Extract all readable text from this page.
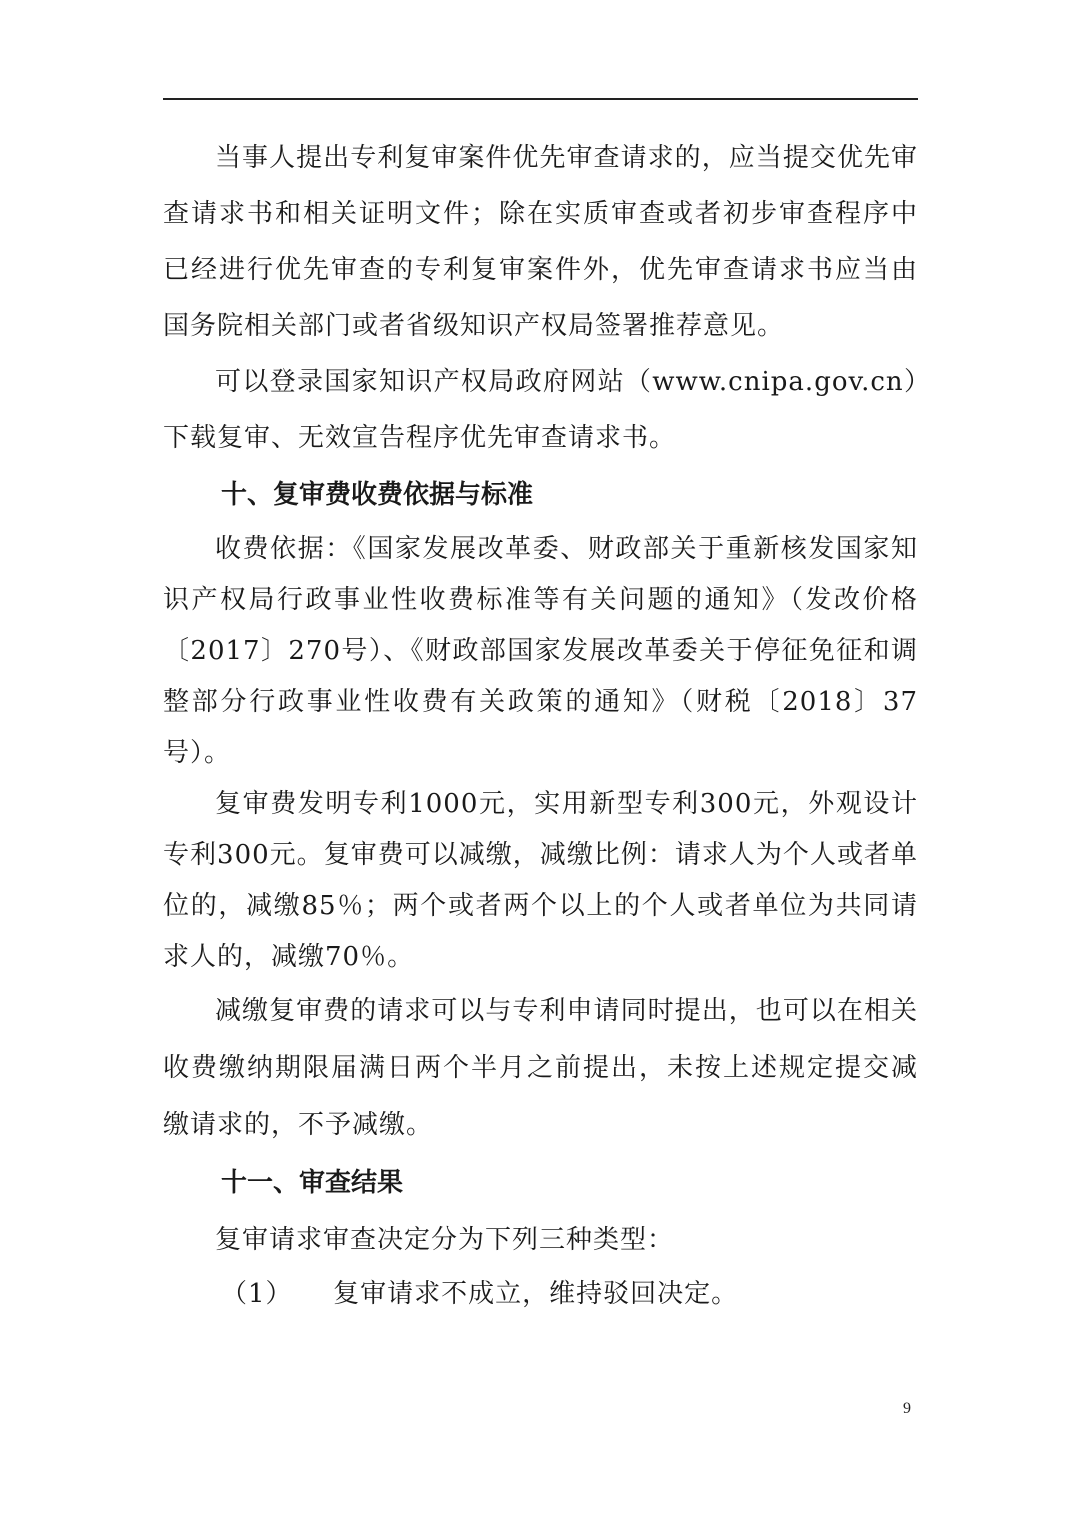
当事人提出专利复审案件优先审查请求的，应当提交优先审查请求书和相关证明文件；除在实质审查或者初步审查程序中已经进行优先审查的专利复审案件外，优先审查请求书应当由国务院相关部门或者省级知识产权局签署推荐意见。

可以登录国家知识产权局政府网站（www.cnipa.gov.cn）下载复审、无效宣告程序优先审查请求书。

十、复审费收费依据与标准

收费依据：《国家发展改革委、财政部关于重新核发国家知识产权局行政事业性收费标准等有关问题的通知》（发改价格〔2017〕270号）、《财政部国家发展改革委关于停征免征和调整部分行政事业性收费有关政策的通知》（财税〔2018〕37号）。

复审费发明专利1000元，实用新型专利300元，外观设计专利300元。复审费可以减缴，减缴比例：请求人为个人或者单位的，减缴85％；两个或者两个以上的个人或者单位为共同请求人的，减缴70％。

减缴复审费的请求可以与专利申请同时提出，也可以在相关收费缴纳期限届满日两个半月之前提出，未按上述规定提交减缴请求的，不予减缴。

十一、审查结果

复审请求审查决定分为下列三种类型：

（1） 复审请求不成立，维持驳回决定。

9
